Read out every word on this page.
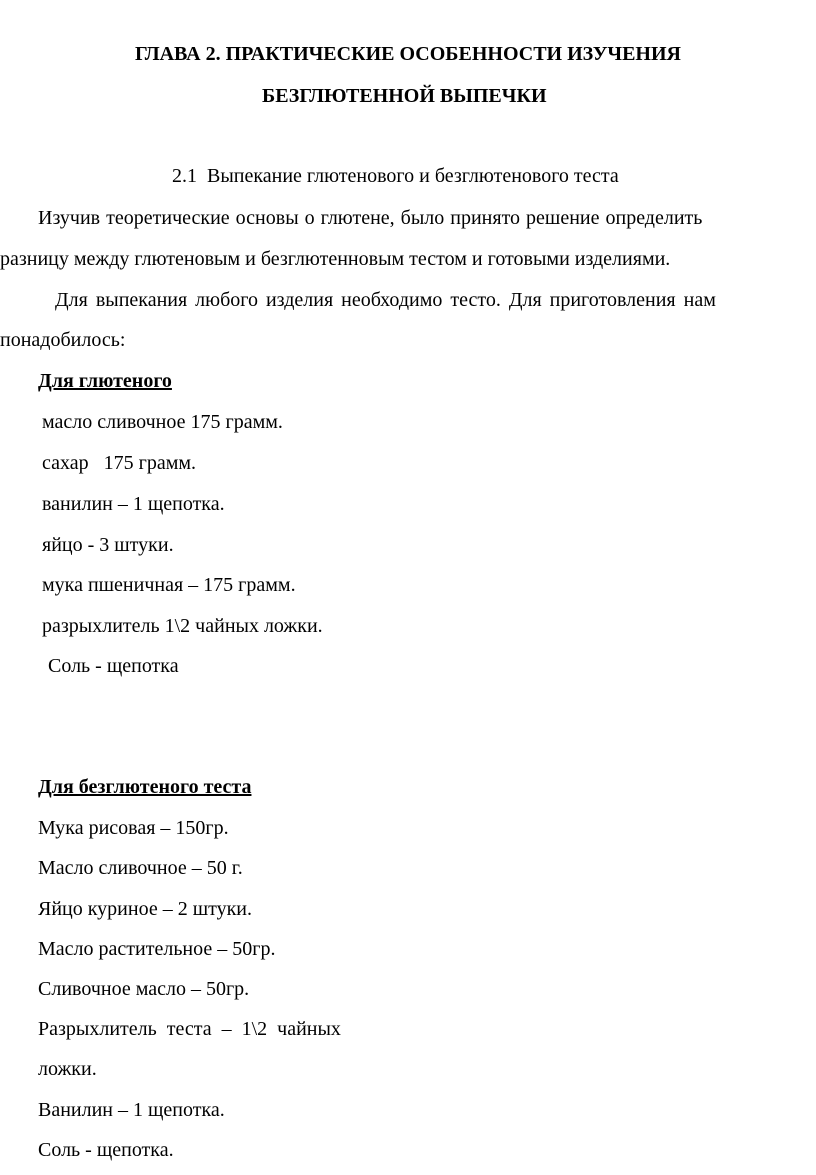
ГЛАВА 2. ПРАКТИЧЕСКИЕ ОСОБЕННОСТИ ИЗУЧЕНИЯ
БЕЗГЛЮТЕННОЙ ВЫПЕЧКИ
2.1 Выпекание глютенового и безглютенового теста
Изучив теоретические основы о глютене, было принято решение определить
разницу между глютеновым и безглютенновым тестом и готовыми изделиями.
Для выпекания любого изделия необходимо тесто. Для приготовления нам
понадобилось:
Для глютеного
масло сливочное 175 грамм.
сахар   175 грамм.
ванилин – 1 щепотка.
яйцо - 3 штуки.
мука пшеничная – 175 грамм.
разрыхлитель 1\2 чайных ложки.
Соль - щепотка
Для безглютеного теста
Мука рисовая – 150гр.
Масло сливочное – 50 г.
Яйцо куриное – 2 штуки.
Масло растительное – 50гр.
Сливочное масло – 50гр.
Разрыхлитель  теста  –  1\2  чайных
ложки.
Ванилин – 1 щепотка.
Соль - щепотка.
